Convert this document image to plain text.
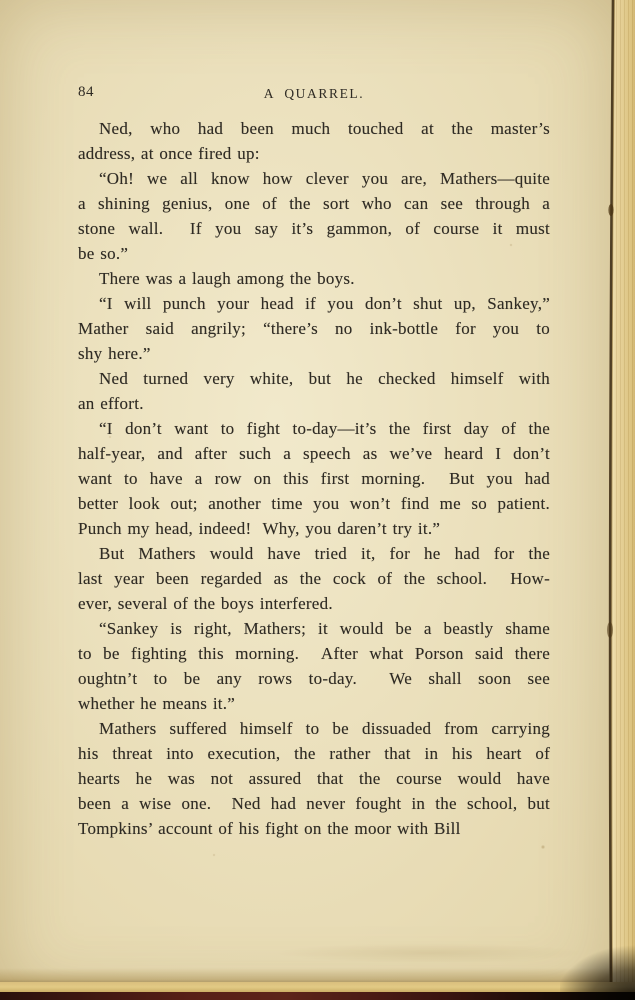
84	A QUARREL.
Ned, who had been much touched at the master’s
address, at once fired up:
“Oh! we all know how clever you are, Mathers—quite
a shining genius, one of the sort who can see through a
stone wall.  If you say it’s gammon, of course it must
be so.”
There was a laugh among the boys.
“I will punch your head if you don’t shut up, Sankey,”
Mather said angrily; “there’s no ink-bottle for you to
shy here.”
Ned turned very white, but he checked himself with
an effort.
“I don’t want to fight to-day—it’s the first day of the
half-year, and after such a speech as we’ve heard I don’t
want to have a row on this first morning.  But you had
better look out; another time you won’t find me so patient.
Punch my head, indeed!  Why, you daren’t try it.”
But Mathers would have tried it, for he had for the
last year been regarded as the cock of the school.  How-
ever, several of the boys interfered.
“Sankey is right, Mathers; it would be a beastly shame
to be fighting this morning.  After what Porson said there
oughtn’t to be any rows to-day.  We shall soon see
whether he means it.”
Mathers suffered himself to be dissuaded from carrying
his threat into execution, the rather that in his heart of
hearts he was not assured that the course would have
been a wise one.  Ned had never fought in the school, but
Tompkins’ account of his fight on the moor with Bill
